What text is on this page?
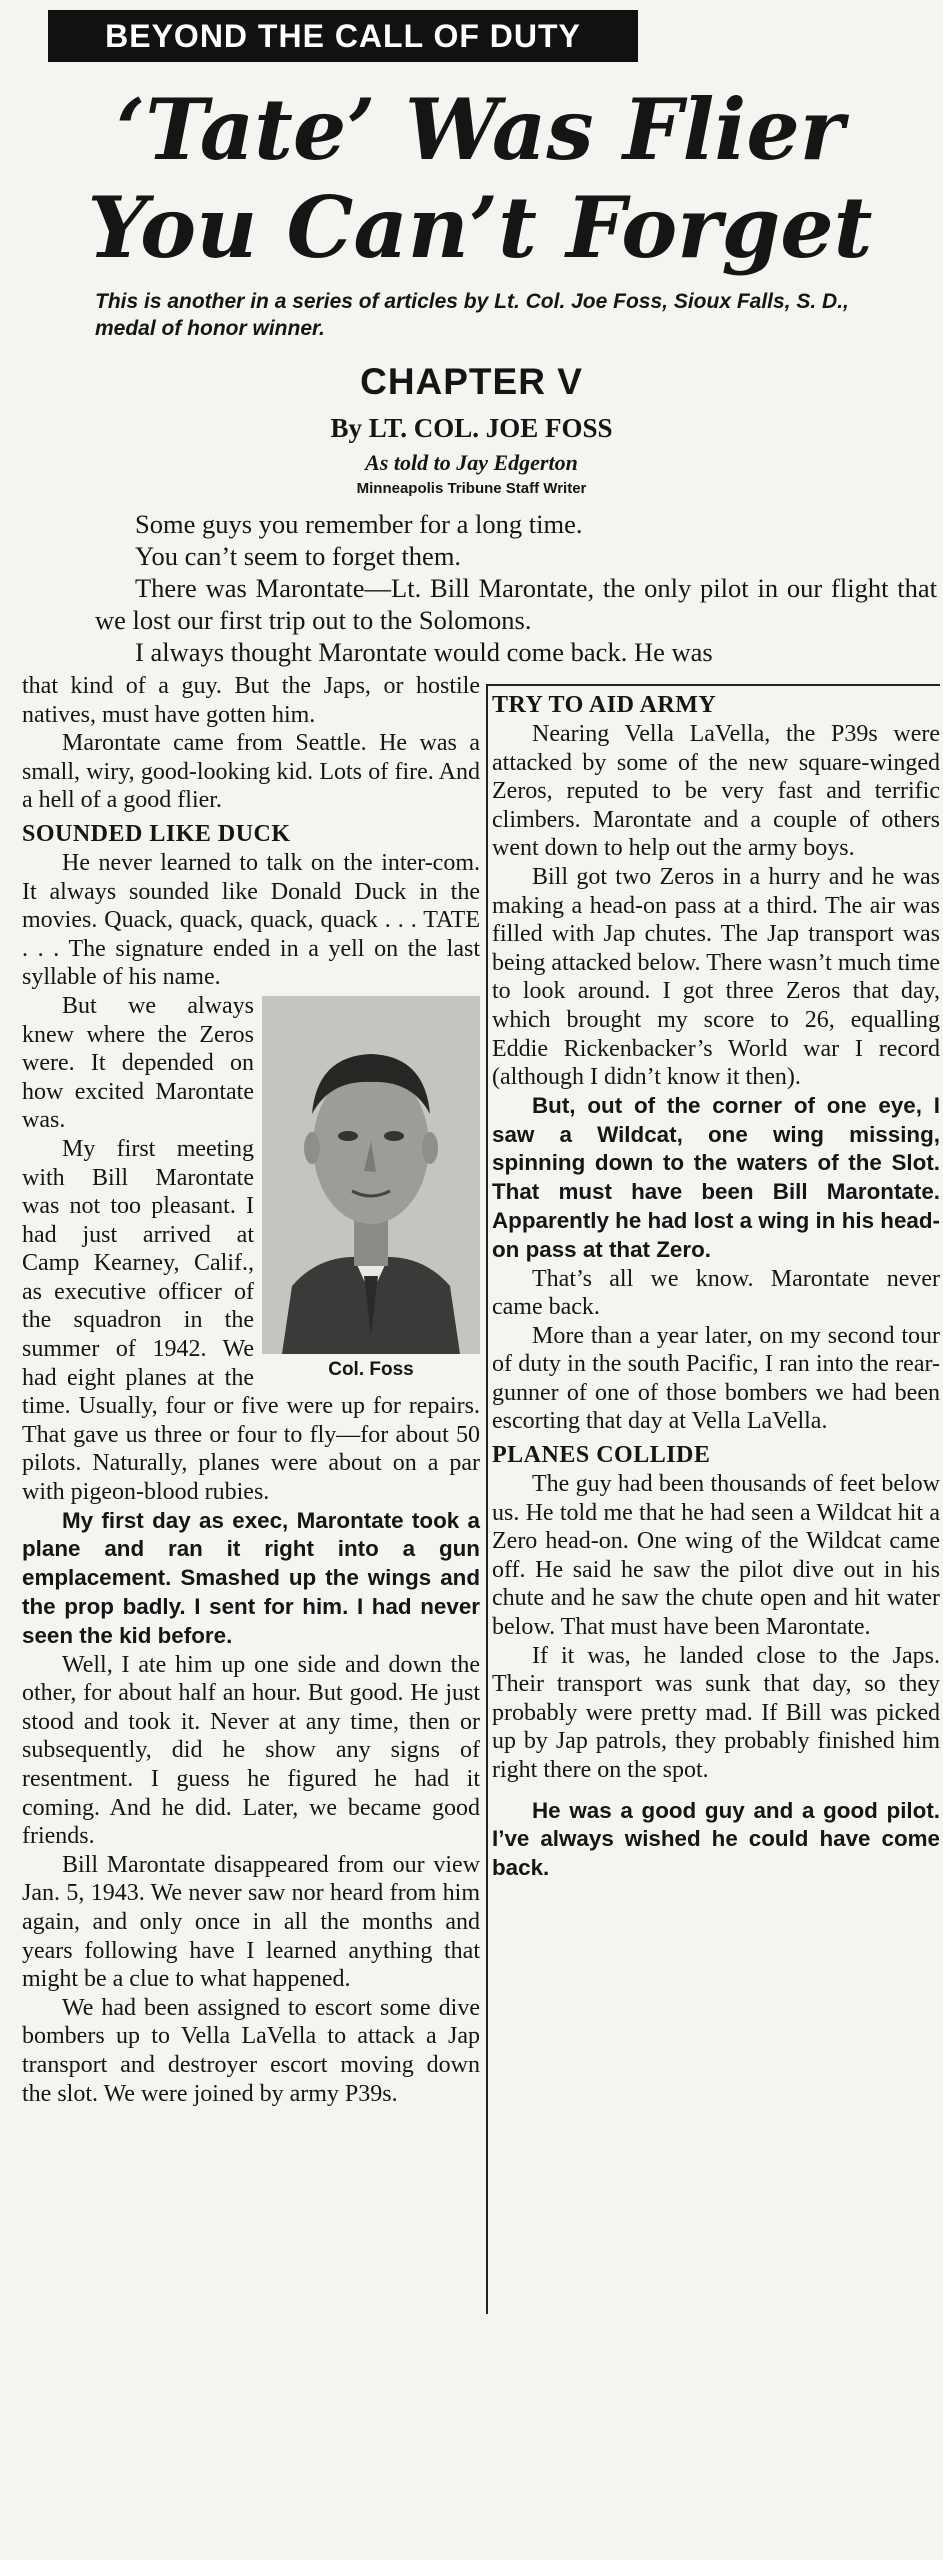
BEYOND THE CALL OF DUTY
‘Tate’ Was Flier
You Can’t Forget
This is another in a series of articles by Lt. Col. Joe Foss, Sioux Falls, S. D., medal of honor winner.
CHAPTER V
By LT. COL. JOE FOSS
As told to Jay Edgerton
Minneapolis Tribune Staff Writer

Some guys you remember for a long time.

You can’t seem to forget them.

There was Marontate—Lt. Bill Marontate, the only pilot in our flight that we lost our first trip out to the Solomons.

I always thought Marontate would come back. He was

that kind of a guy. But the Japs, or hostile natives, must have gotten him.

Marontate came from Seattle. He was a small, wiry, good-looking kid. Lots of fire. And a hell of a good flier.

SOUNDED LIKE DUCK

He never learned to talk on the inter-com. It always sounded like Donald Duck in the movies. Quack, quack, quack, quack . . . TATE . . . The signature ended in a yell on the last syllable of his name.

Col. Foss

But we always knew where the Zeros were. It depended on how excited Marontate was.

My first meeting with Bill Marontate was not too pleasant. I had just arrived at Camp Kearney, Calif., as executive officer of the squadron in the summer of 1942. We had eight planes at the time. Usually, four or five were up for repairs. That gave us three or four to fly—for about 50 pilots. Naturally, planes were about on a par with pigeon-blood rubies.

My first day as exec, Marontate took a plane and ran it right into a gun emplacement. Smashed up the wings and the prop badly. I sent for him. I had never seen the kid before.

Well, I ate him up one side and down the other, for about half an hour. But good. He just stood and took it. Never at any time, then or subsequently, did he show any signs of resentment. I guess he figured he had it coming. And he did. Later, we became good friends.

Bill Marontate disappeared from our view Jan. 5, 1943. We never saw nor heard from him again, and only once in all the months and years following have I learned anything that might be a clue to what happened.

We had been assigned to escort some dive bombers up to Vella LaVella to attack a Jap transport and destroyer escort moving down the slot. We were joined by army P39s.

TRY TO AID ARMY

Nearing Vella LaVella, the P39s were attacked by some of the new square-winged Zeros, reputed to be very fast and terrific climbers. Marontate and a couple of others went down to help out the army boys.

Bill got two Zeros in a hurry and he was making a head-on pass at a third. The air was filled with Jap chutes. The Jap transport was being attacked below. There wasn’t much time to look around. I got three Zeros that day, which brought my score to 26, equalling Eddie Rickenbacker’s World war I record (although I didn’t know it then).

But, out of the corner of one eye, I saw a Wildcat, one wing missing, spinning down to the waters of the Slot. That must have been Bill Marontate. Apparently he had lost a wing in his head-on pass at that Zero.

That’s all we know. Marontate never came back.

More than a year later, on my second tour of duty in the south Pacific, I ran into the rear-gunner of one of those bombers we had been escorting that day at Vella LaVella.

PLANES COLLIDE

The guy had been thousands of feet below us. He told me that he had seen a Wildcat hit a Zero head-on. One wing of the Wildcat came off. He said he saw the pilot dive out in his chute and he saw the chute open and hit water below. That must have been Marontate.

If it was, he landed close to the Japs. Their transport was sunk that day, so they probably were pretty mad. If Bill was picked up by Jap patrols, they probably finished him right there on the spot.

He was a good guy and a good pilot. I’ve always wished he could have come back.
